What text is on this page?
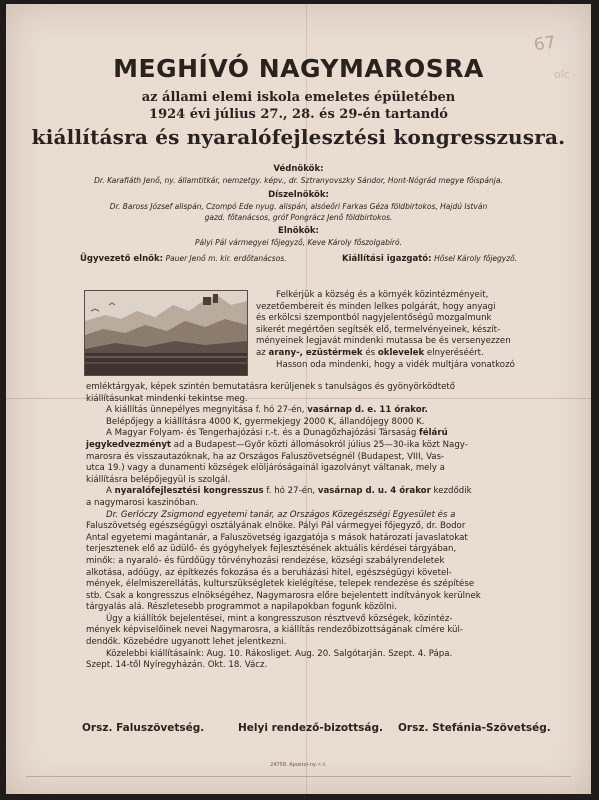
67
olc
MEGHÍVÓ NAGYMAROSRA
az állami elemi iskola emeletes épületében
1924 évi július 27., 28. és 29-én tartandó
kiállításra és nyaralófejlesztési kongresszusra.
Védnökök:
Dr. Karafiáth Jenő, ny. államtitkár, nemzetgy. képv., dr. Sztranyovszky Sándor, Hont-Nógrád megye főispánja.
Díszelnökök:
Dr. Baross József alispán, Czompó Ede nyug. alispán, alsóeőri Farkas Géza földbirtokos, Hajdú István
gazd. főtanácsos, gróf Pongrácz Jenő földbirtokos.
Elnökök:
Pályi Pál vármegyei főjegyző, Keve Károly főszolgabíró.
Ügyvezető elnök: Pauer Jenő m. kir. erdőtanácsos.	Kiállítási igazgató: Hősel Károly főjegyző.
Felkérjük a község és a környék közintézményeit,
vezetőembereit és minden lelkes polgárát, hogy anyagi
és erkölcsi szempontból nagyjelentőségű mozgalmunk
sikerét megértően segítsék elő, termelvényeinek, készít-
ményeinek legjavát mindenki mutassa be és versenyezzen
az arany-, ezüstérmek és oklevelek elnyeréséért.
Hasson oda mindenki, hogy a vidék multjára vonatkozó
emléktárgyak, képek szintén bemutatásra kerüljenek s tanulságos és gyönyörködtető
kiállításunkat mindenki tekintse meg.
A kiállítás ünnepélyes megnyitása f. hó 27-én, vasárnap d. e. 11 órakor.
Belépőjegy a kiállításra 4000 K, gyermekjegy 2000 K, állandójegy 8000 K.
A Magyar Folyam- és Tengerhajózási r.-t. és a Dunagőzhajózási Társaság félárú
jegykedvezményt ad a Budapest—Győr közti állomásokról július 25—30-ika közt Nagy-
marosra és visszautazóknak, ha az Országos Faluszövetségnél (Budapest, VIII, Vas-
utca 19.) vagy a dunamenti községek elöljáróságainál igazolványt váltanak, mely a
kiállításra belépőjegyül is szolgál.
A nyaralófejlesztési kongresszus f. hó 27-én, vasárnap d. u. 4 órakor kezdődik
a nagymarosi kaszinóban.
Dr. Gerlóczy Zsigmond egyetemi tanár, az Országos Közegészségi Egyesület és a
Faluszövetség egészségügyi osztályának elnöke. Pályi Pál vármegyei főjegyző, dr. Bodor
Antal egyetemi magántanár, a Faluszövetség igazgatója s mások határozati javaslatokat
terjesztenek elő az üdülő- és gyógyhelyek fejlesztésének aktuális kérdései tárgyában,
minők: a nyaraló- és fürdőügy törvényhozási rendezése, községi szabályrendeletek
alkotása, adóügy, az építkezés fokozása és a beruházási hitel, egészségügyi követel-
mények, élelmiszerellátás, kulturszükségletek kielégítése, telepek rendezése és szépítése
stb. Csak a kongresszus elnökségéhez, Nagymarosra előre bejelentett indítványok kerülnek
tárgyalás alá. Részletesebb programmot a napilapokban fogunk közölni.
Úgy a kiállítók bejelentései, mint a kongresszuson résztvevő községek, közintéz-
mények képviselőinek nevei Nagymarosra, a kiállítás rendezőbizottságának címére kül-
dendők. Közebédre ugyanott lehet jelentkezni.
Közelebbi kiállításaink: Aug. 10. Rákosliget. Aug. 20. Salgótarján. Szept. 4. Pápa.
Szept. 14-től Nyíregyházán. Okt. 18. Vácz.
Orsz. Faluszövetség.	Helyi rendező-bizottság. Orsz. Stefánia-Szövetség.
24758. Apostol-ny. r.-t.
